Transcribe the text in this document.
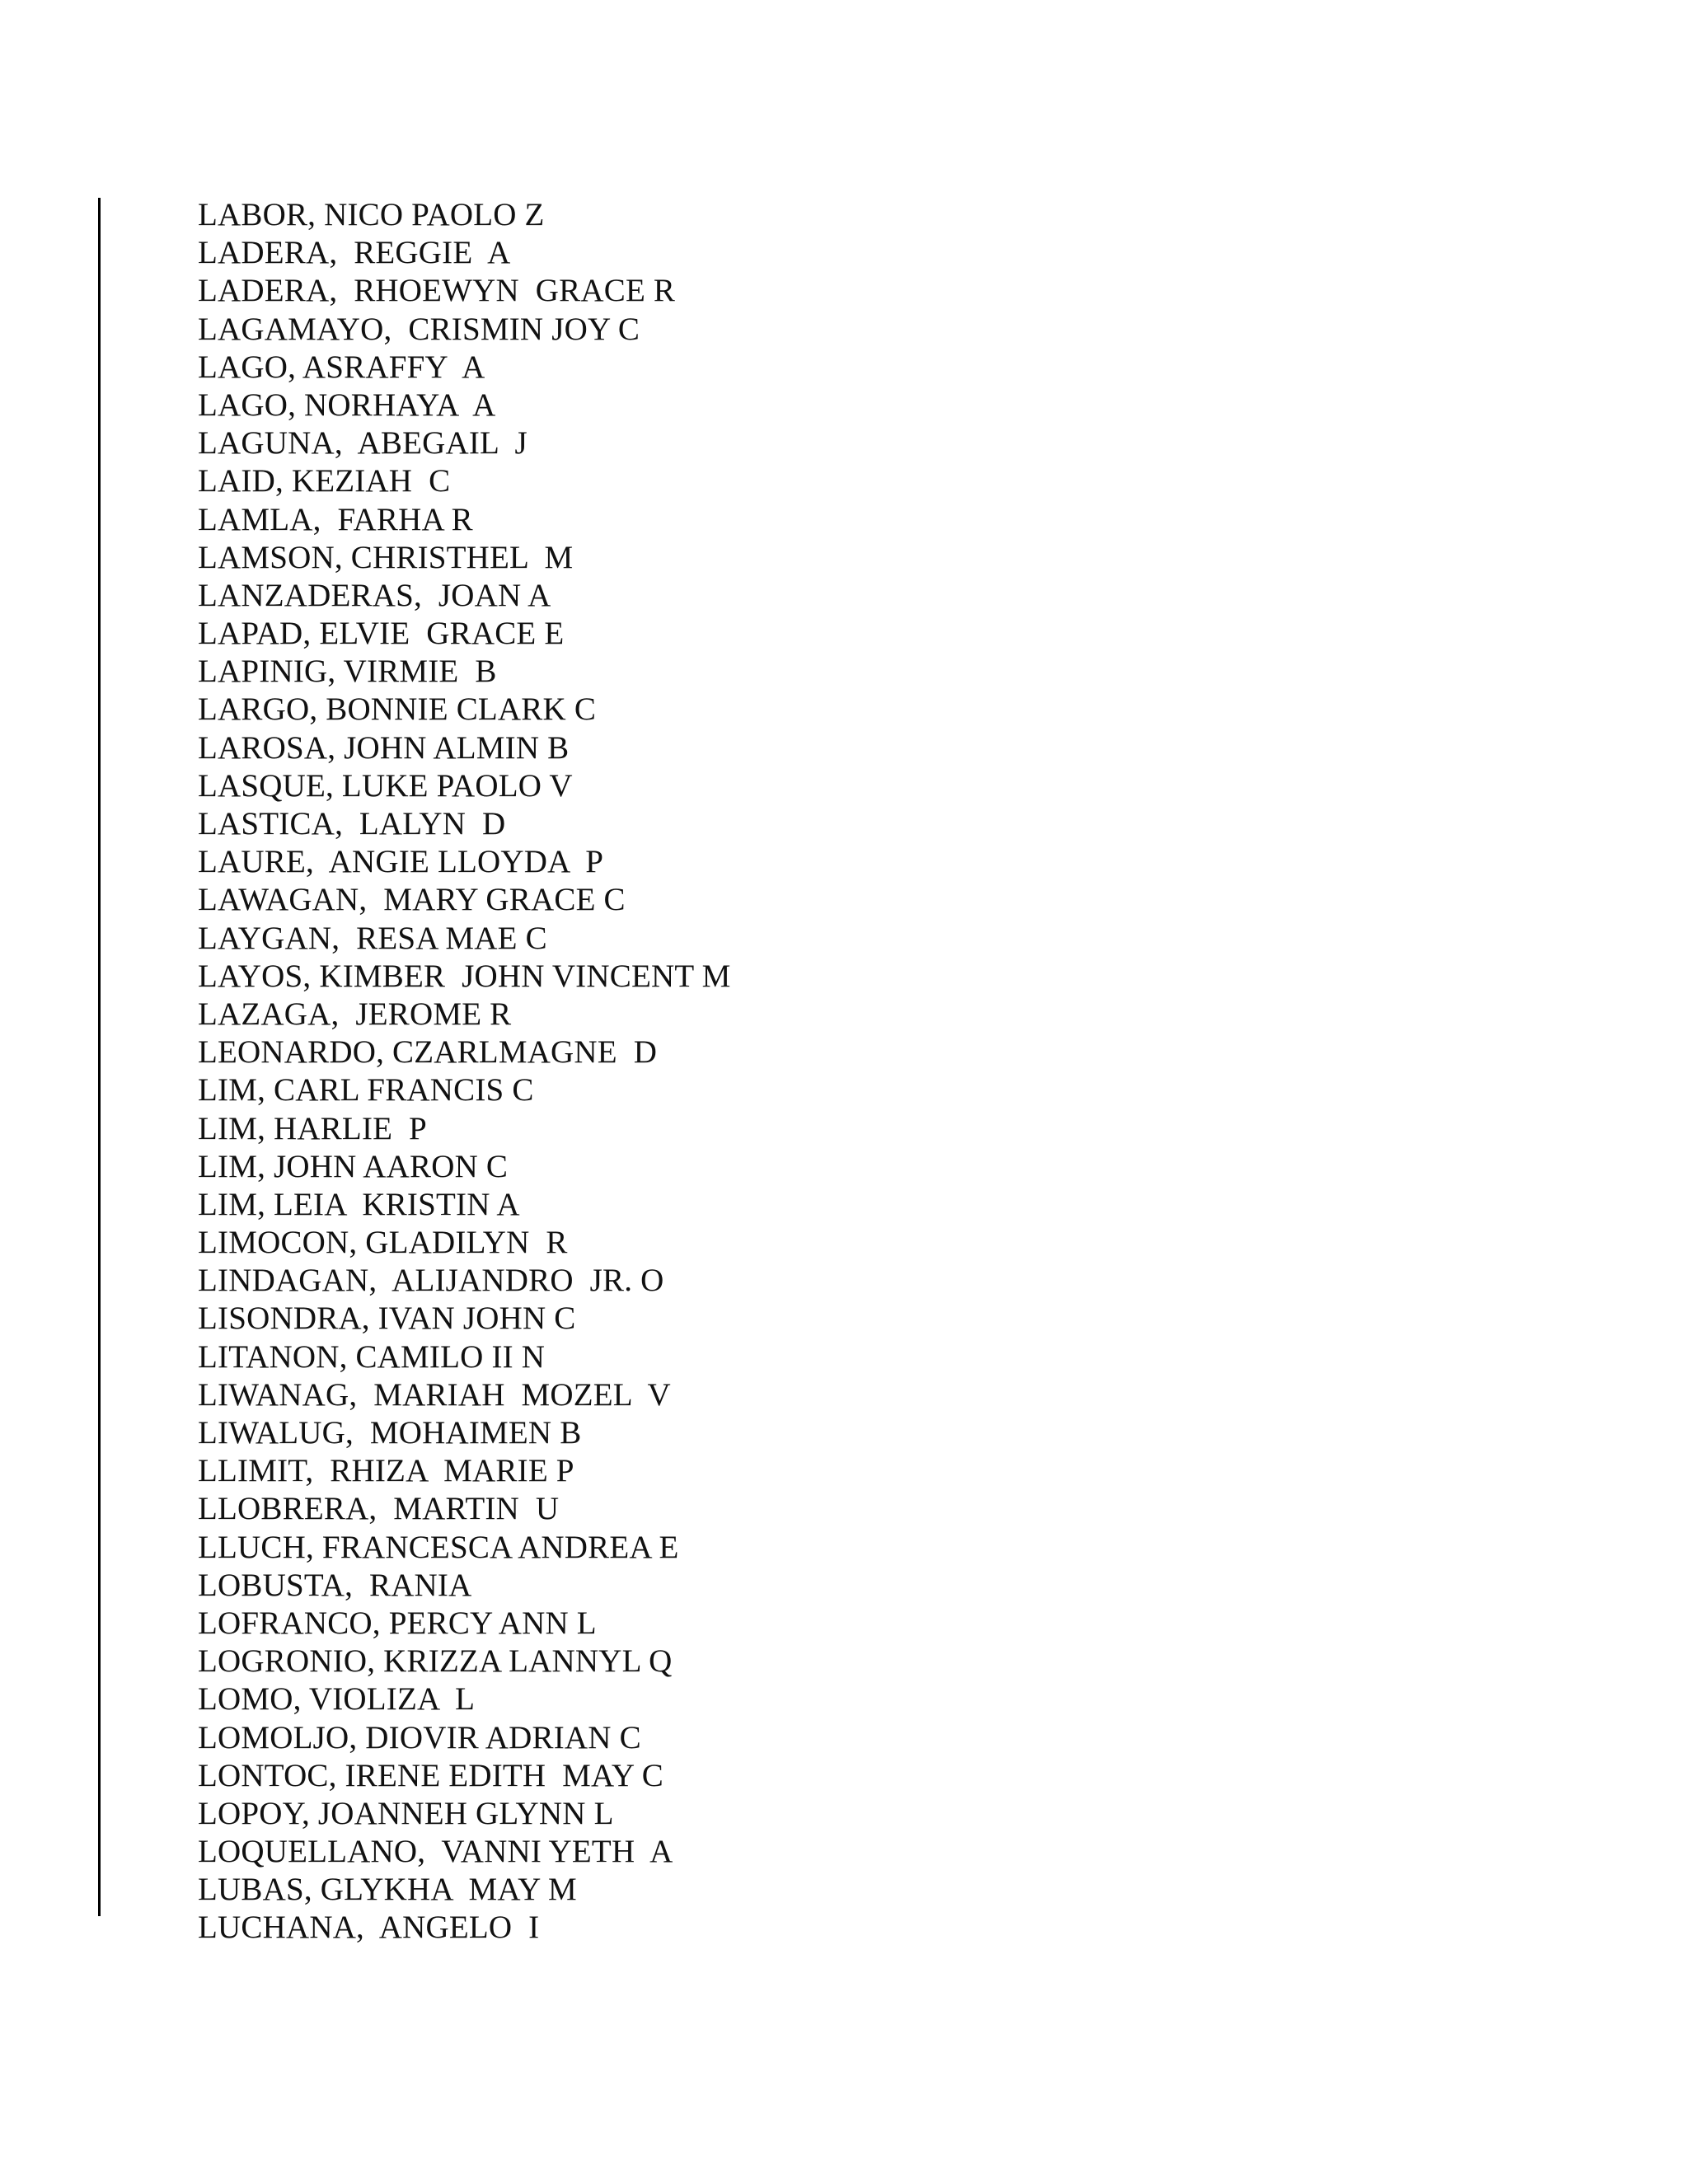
LABOR, NICO PAOLO Z
LADERA,  REGGIE  A
LADERA,  RHOEWYN  GRACE R
LAGAMAYO,  CRISMIN JOY C
LAGO, ASRAFFY  A
LAGO, NORHAYA  A
LAGUNA,  ABEGAIL  J
LAID, KEZIAH  C
LAMLA,  FARHA R
LAMSON, CHRISTHEL  M
LANZADERAS,  JOAN A
LAPAD, ELVIE  GRACE E
LAPINIG, VIRMIE  B
LARGO, BONNIE CLARK C
LAROSA, JOHN ALMIN B
LASQUE, LUKE PAOLO V
LASTICA,  LALYN  D
LAURE,  ANGIE LLOYDA  P
LAWAGAN,  MARY GRACE C
LAYGAN,  RESA MAE C
LAYOS, KIMBER  JOHN VINCENT M
LAZAGA,  JEROME R
LEONARDO, CZARLMAGNE  D
LIM, CARL FRANCIS C
LIM, HARLIE  P
LIM, JOHN AARON C
LIM, LEIA  KRISTIN A
LIMOCON, GLADILYN  R
LINDAGAN,  ALIJANDRO  JR. O
LISONDRA, IVAN JOHN C
LITANON, CAMILO II N
LIWANAG,  MARIAH  MOZEL  V
LIWALUG,  MOHAIMEN B
LLIMIT,  RHIZA  MARIE P
LLOBRERA,  MARTIN  U
LLUCH, FRANCESCA ANDREA E
LOBUSTA,  RANIA
LOFRANCO, PERCY ANN L
LOGRONIO, KRIZZA LANNYL Q
LOMO, VIOLIZA  L
LOMOLJO, DIOVIR ADRIAN C
LONTOC, IRENE EDITH  MAY C
LOPOY, JOANNEH GLYNN L
LOQUELLANO,  VANNI YETH  A
LUBAS, GLYKHA  MAY M
LUCHANA,  ANGELO  I
